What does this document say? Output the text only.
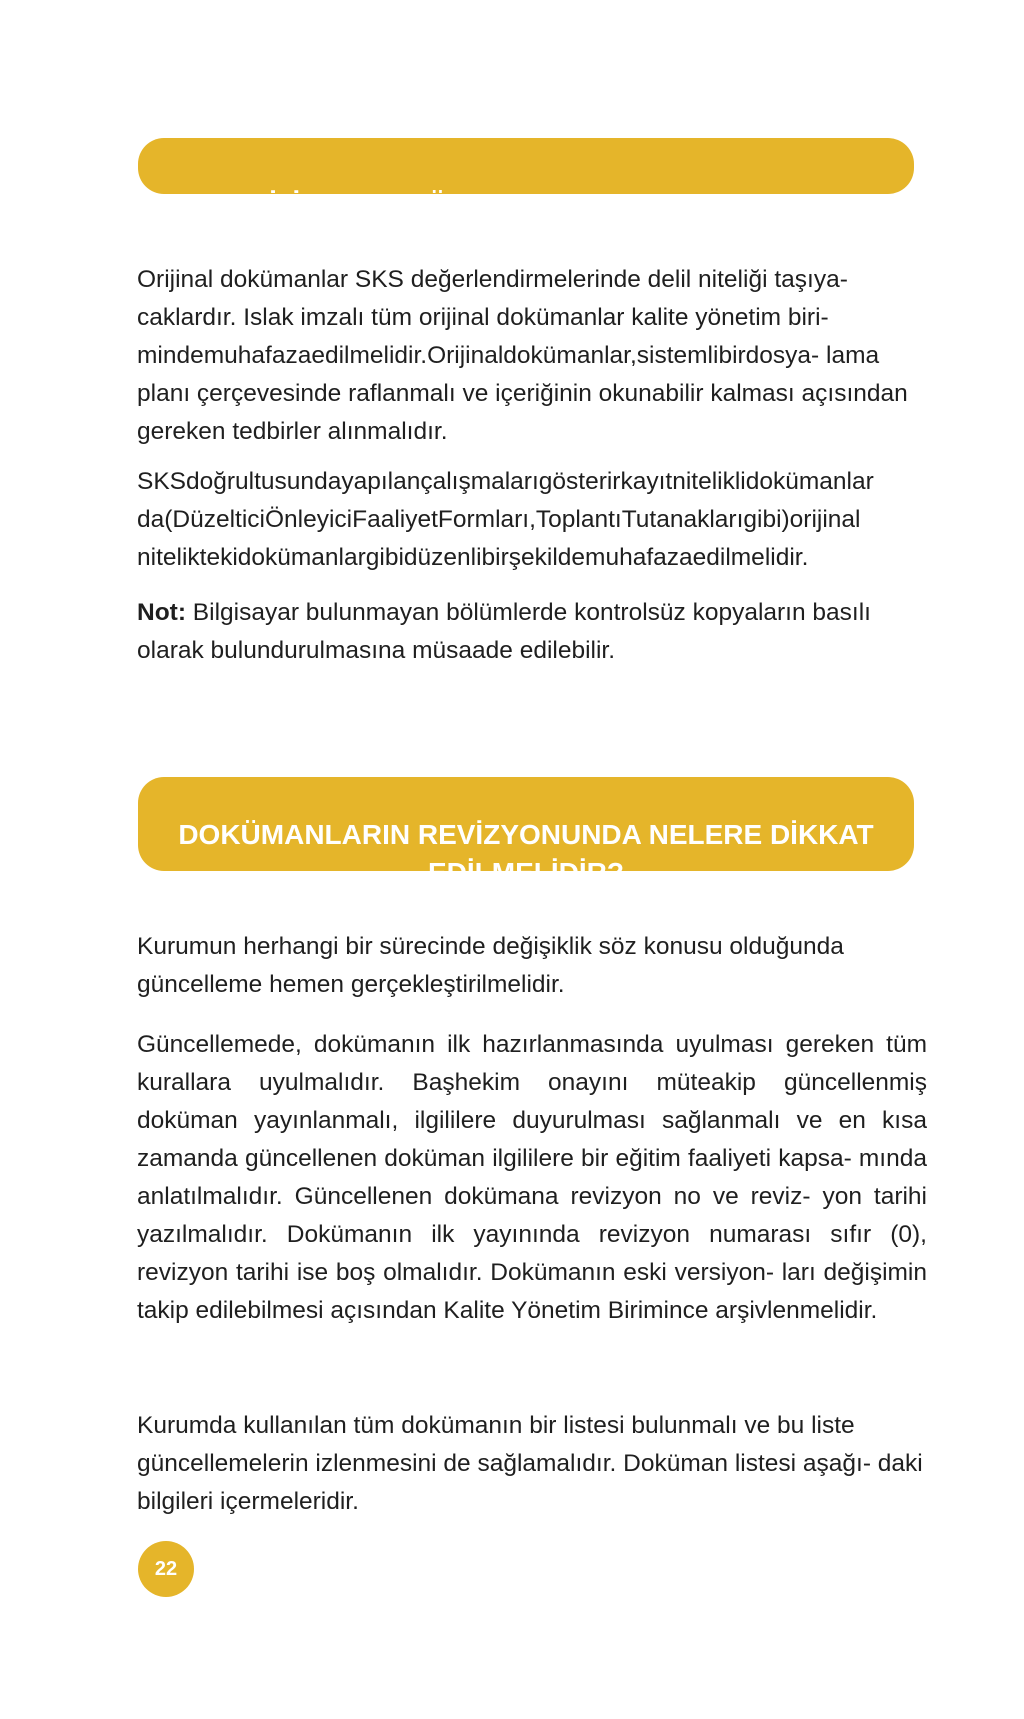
ORİJİNAL DOKÜMANLAR NASIL MUHAFAZA EDİLMELİDİR?

Orijinal dokümanlar SKS değerlendirmelerinde delil niteliği taşıya- caklardır. Islak imzalı tüm orijinal dokümanlar kalite yönetim biri- mindemuhafazaedilmelidir.Orijinaldokümanlar,sistemlibirdosya- lama planı çerçevesinde raflanmalı ve içeriğinin okunabilir kalması açısından gereken tedbirler alınmalıdır.

SKSdoğrultusundayapılançalışmalarıgösterirkayıtniteliklidokümanlar da(DüzelticiÖnleyiciFaaliyetFormları,ToplantıTutanaklarıgibi)orijinal niteliktekidokümanlargibidüzenlibirşekildemuhafazaedilmelidir.

Not: Bilgisayar bulunmayan bölümlerde kontrolsüz kopyaların basılı olarak bulundurulmasına müsaade edilebilir.

DOKÜMANLARIN REVİZYONUNDA NELERE DİKKAT EDİLMELİDİR?

Kurumun herhangi bir sürecinde değişiklik söz konusu olduğunda güncelleme hemen gerçekleştirilmelidir.

Güncellemede, dokümanın ilk hazırlanmasında uyulması gereken tüm kurallara uyulmalıdır. Başhekim onayını müteakip güncellenmiş doküman yayınlanmalı, ilgililere duyurulması sağlanmalı ve en kısa zamanda güncellenen doküman ilgililere bir eğitim faaliyeti kapsa- mında anlatılmalıdır. Güncellenen dokümana revizyon no ve reviz- yon tarihi yazılmalıdır. Dokümanın ilk yayınında revizyon numarası sıfır (0), revizyon tarihi ise boş olmalıdır. Dokümanın eski versiyon- ları değişimin takip edilebilmesi açısından Kalite Yönetim Birimince arşivlenmelidir.

Kurumda kullanılan tüm dokümanın bir listesi bulunmalı ve bu liste güncellemelerin izlenmesini de sağlamalıdır. Doküman listesi aşağı- daki bilgileri içermeleridir.

22
